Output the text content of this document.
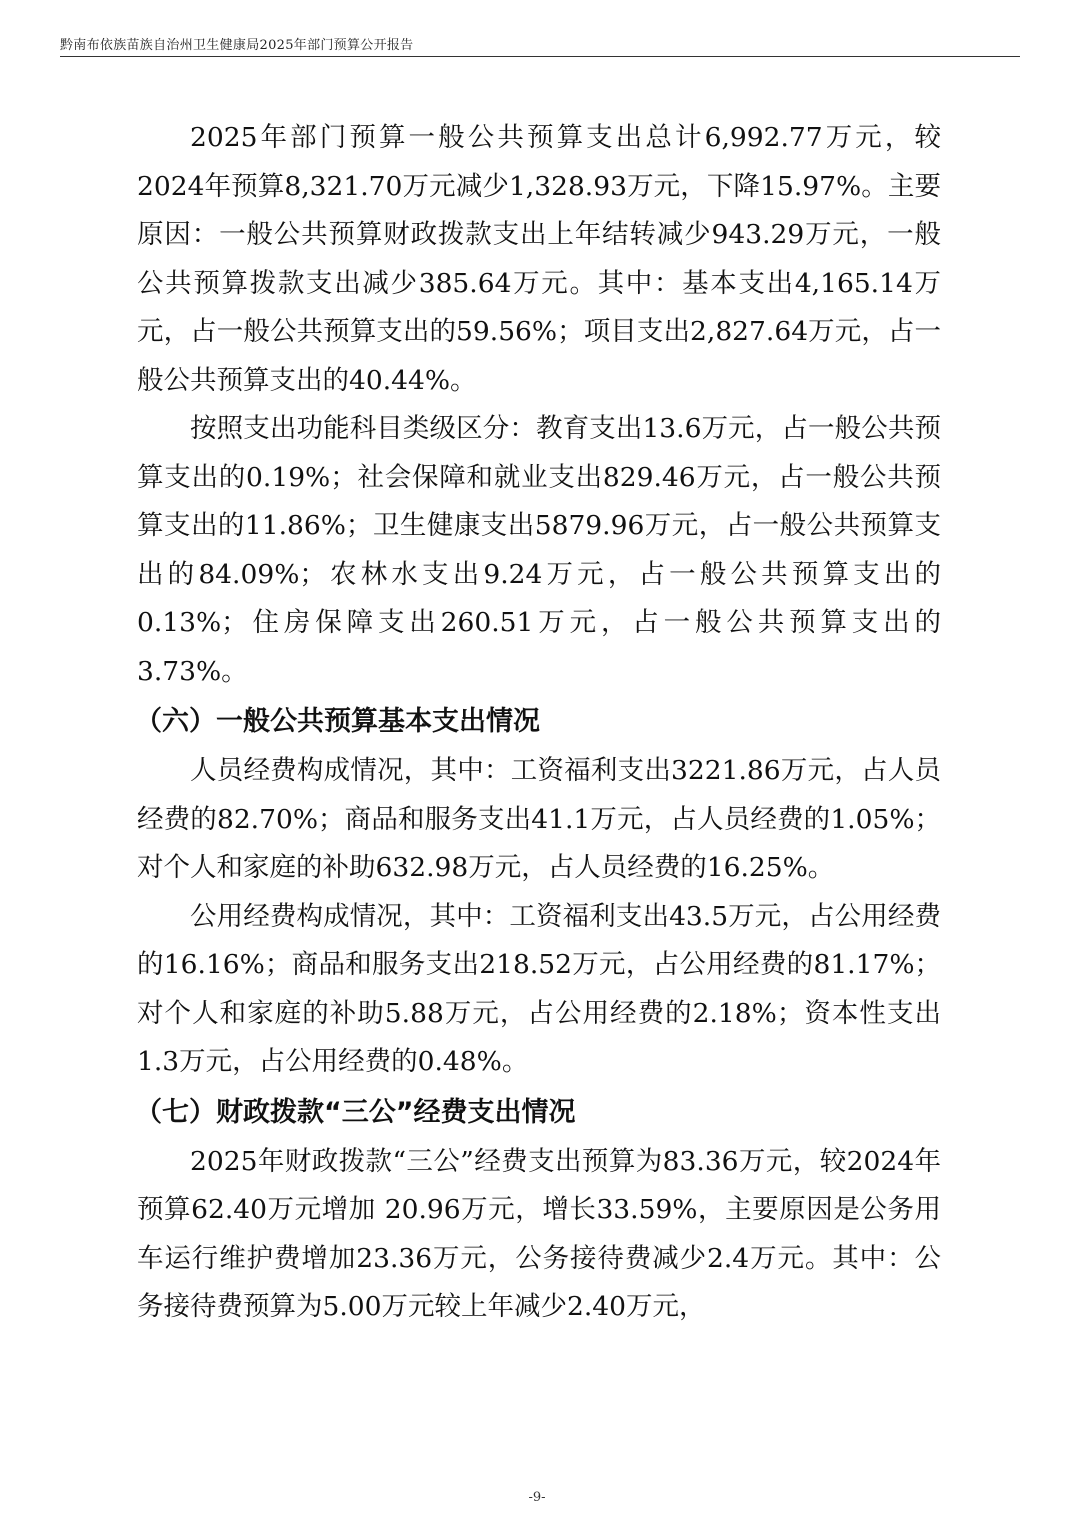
黔南布依族苗族自治州卫生健康局2025年部门预算公开报告

2025年部门预算一般公共预算支出总计6,992.77万元，较2024年预算8,321.70万元减少1,328.93万元，下降15.97%。主要原因：一般公共预算财政拨款支出上年结转减少943.29万元，一般公共预算拨款支出减少385.64万元。其中：基本支出4,165.14万元，占一般公共预算支出的59.56%；项目支出2,827.64万元，占一般公共预算支出的40.44%。

按照支出功能科目类级区分：教育支出13.6万元，占一般公共预算支出的0.19%；社会保障和就业支出829.46万元，占一般公共预算支出的11.86%；卫生健康支出5879.96万元，占一般公共预算支出的84.09%；农林水支出9.24万元，占一般公共预算支出的0.13%；住房保障支出260.51万元，占一般公共预算支出的3.73%。

（六）一般公共预算基本支出情况

人员经费构成情况，其中：工资福利支出3221.86万元，占人员经费的82.70%；商品和服务支出41.1万元，占人员经费的1.05%；对个人和家庭的补助632.98万元，占人员经费的16.25%。

公用经费构成情况，其中：工资福利支出43.5万元，占公用经费的16.16%；商品和服务支出218.52万元，占公用经费的81.17%；对个人和家庭的补助5.88万元，占公用经费的2.18%；资本性支出1.3万元，占公用经费的0.48%。

（七）财政拨款“三公”经费支出情况

2025年财政拨款“三公”经费支出预算为83.36万元，较2024年预算62.40万元增加 20.96万元，增长33.59%，主要原因是公务用车运行维护费增加23.36万元，公务接待费减少2.4万元。其中：公务接待费预算为5.00万元较上年减少2.40万元，

-9-
